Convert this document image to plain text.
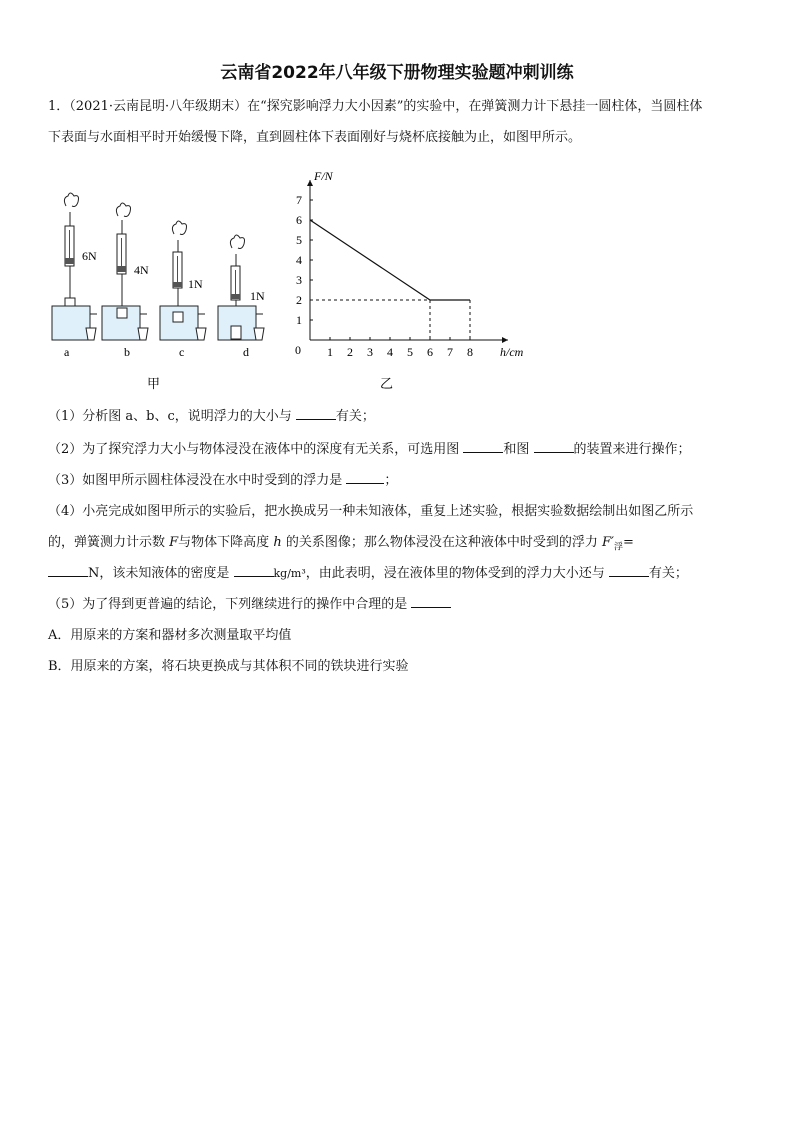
云南省2022年八年级下册物理实验题冲刺训练
1．（2021·云南昆明·八年级期末）在“探究影响浮力大小因素”的实验中，在弹簧测力计下悬挂一圆柱体，当圆柱体
下表面与水面相平时开始缓慢下降，直到圆柱体下表面刚好与烧杯底接触为止，如图甲所示。
6N
a
4N
b
1N
c
1N
d
甲
1 2 3 4 5 6 7 8
1
2
3
4
5
6
7
0
F/N
h/cm
乙
（1）分析图 a、b、c，说明浮力的大小与	有关；
（2）为了探究浮力大小与物体浸没在液体中的深度有无关系，可选用图	和图	的装置来进行操作；
（3）如图甲所示圆柱体浸没在水中时受到的浮力是	；
（4）小亮完成如图甲所示的实验后，把水换成另一种未知液体，重复上述实验，根据实验数据绘制出如图乙所示
的，弹簧测力计示数 F与物体下降高度 h 的关系图像；那么物体浸没在这种液体中时受到的浮力 $F'_浮=$
N，该未知液体的密度是	kg/m³，由此表明，浸在液体里的物体受到的浮力大小还与	有关；
（5）为了得到更普遍的结论，下列继续进行的操作中合理的是
A．用原来的方案和器材多次测量取平均值
B．用原来的方案，将石块更换成与其体积不同的铁块进行实验
